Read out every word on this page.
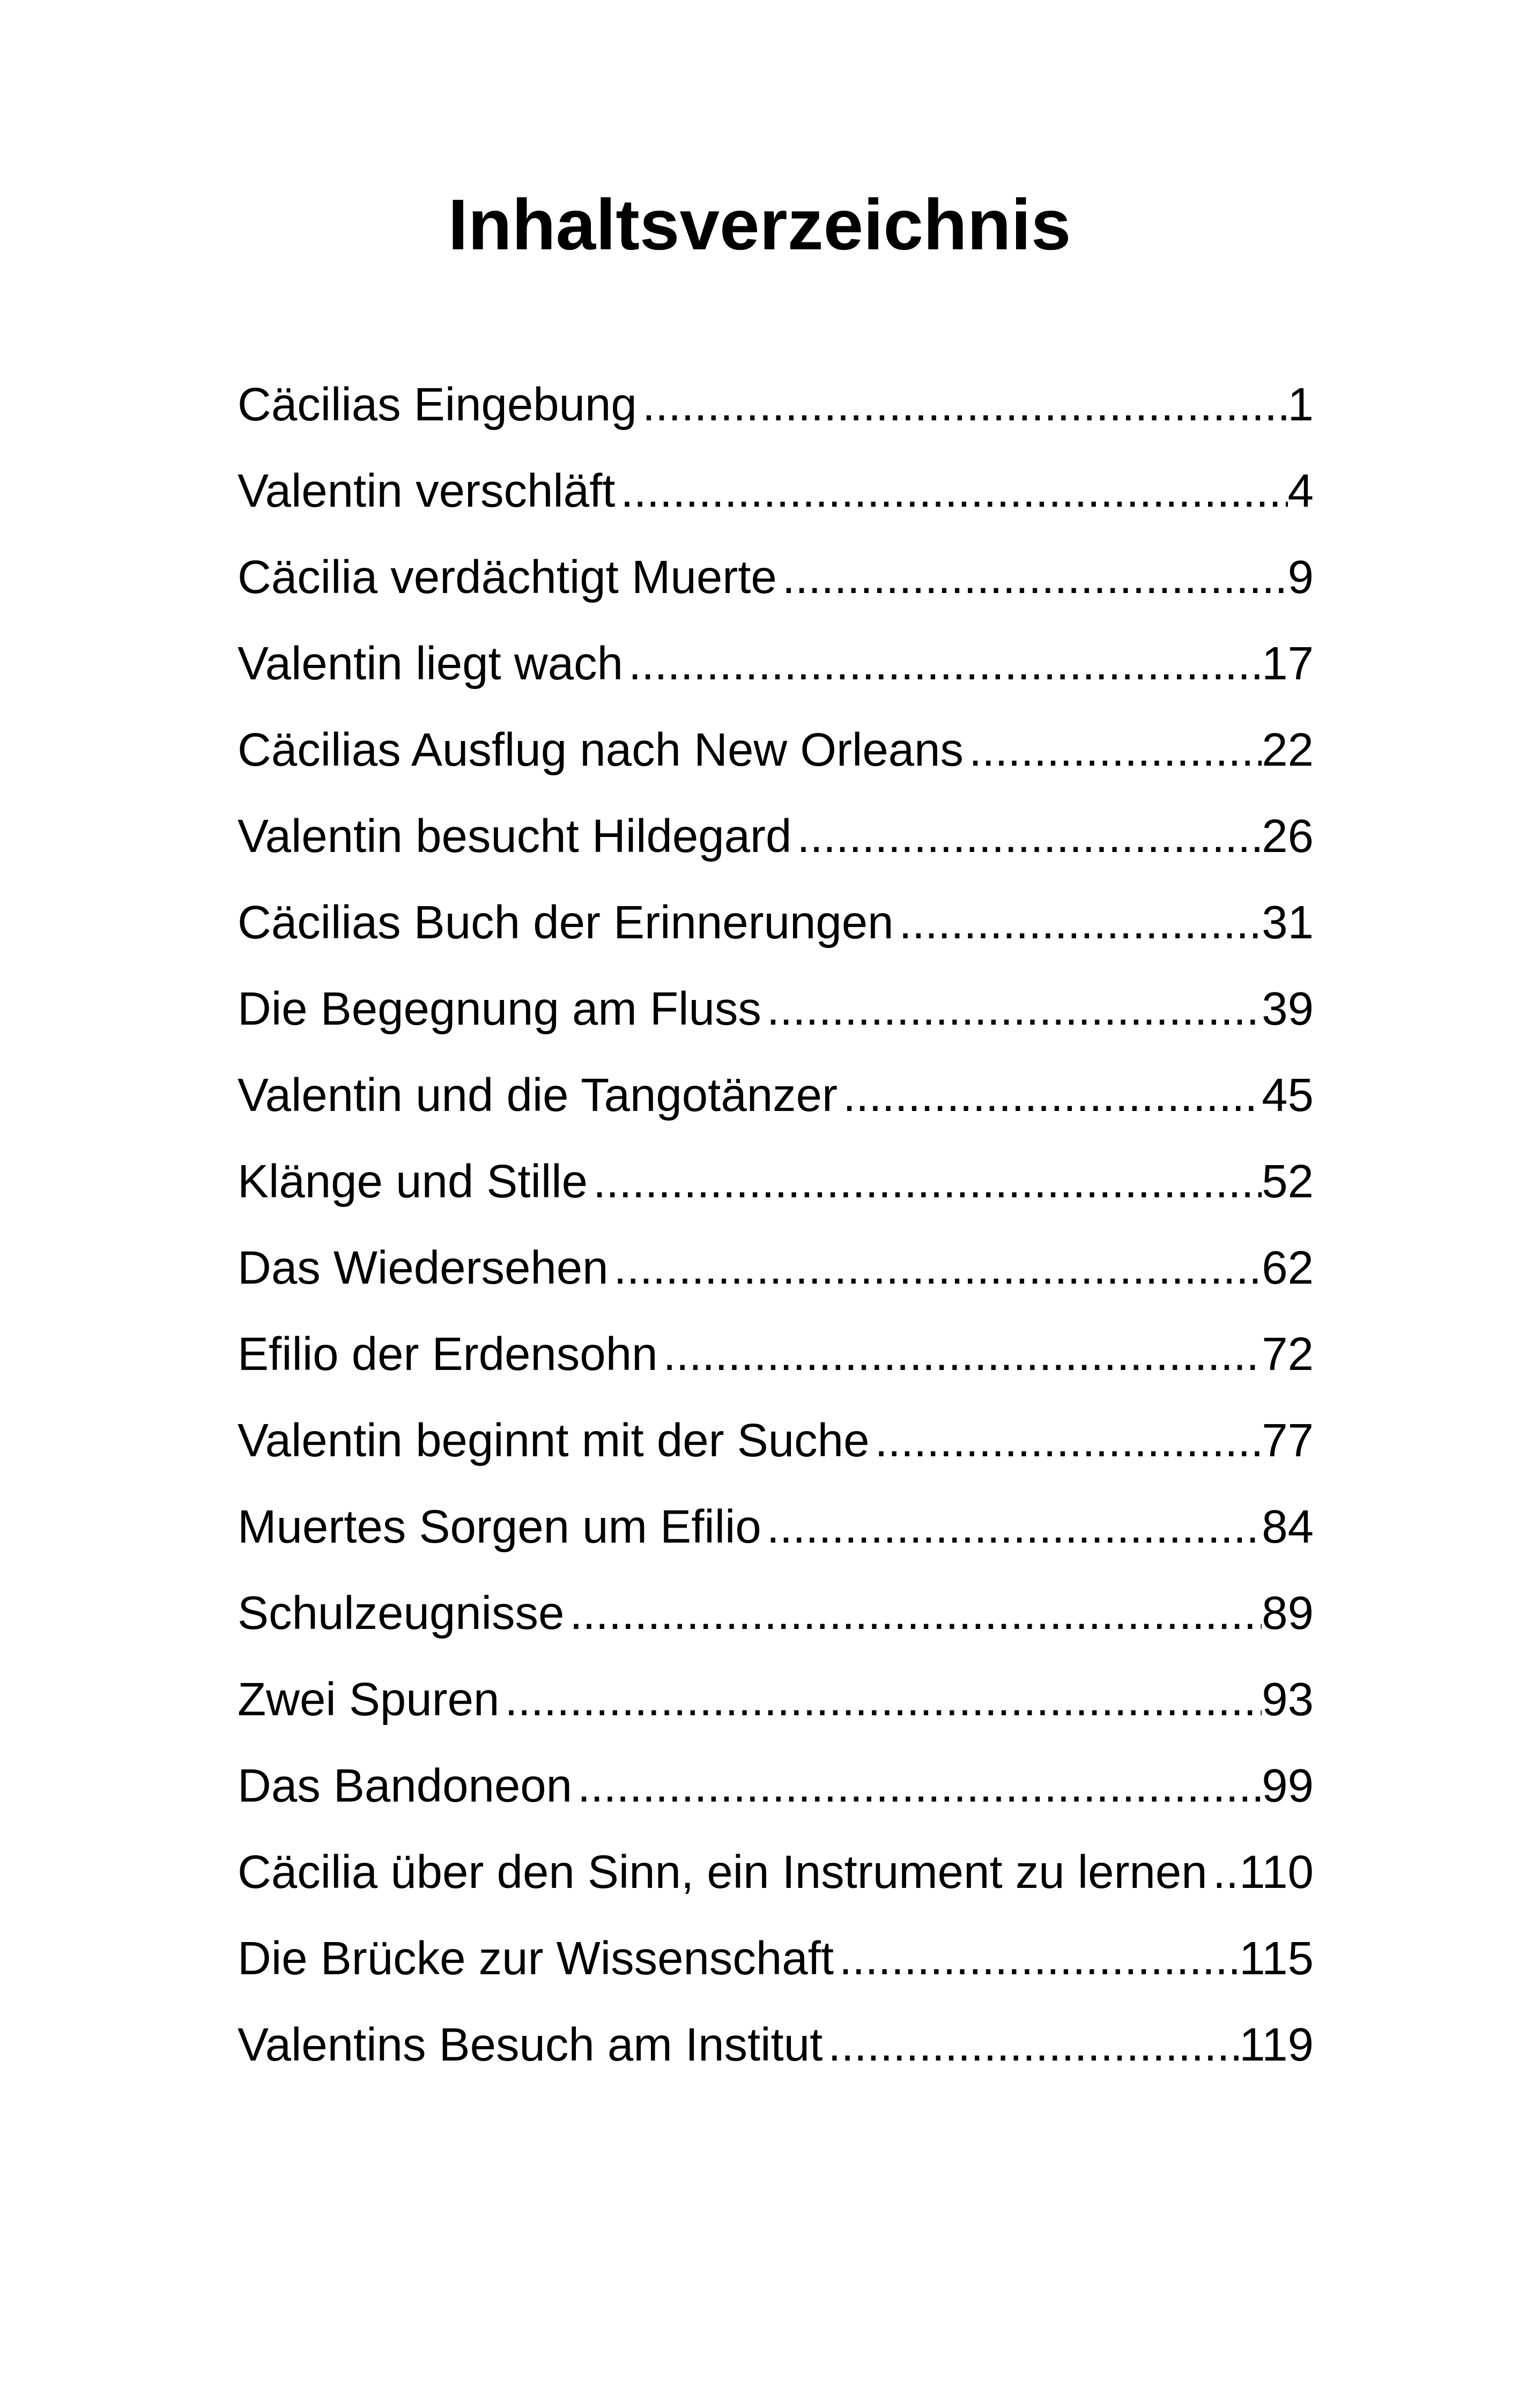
Inhaltsverzeichnis
Cäcilias Eingebung .....	1
Valentin verschläft .....	4
Cäcilia verdächtigt Muerte .....	9
Valentin liegt wach .....	17
Cäcilias Ausflug nach New Orleans .....	22
Valentin besucht Hildegard .....	26
Cäcilias Buch der Erinnerungen .....	31
Die Begegnung am Fluss .....	39
Valentin und die Tangotänzer .....	45
Klänge und Stille .....	52
Das Wiedersehen .....	62
Efilio der Erdensohn .....	72
Valentin beginnt mit der Suche .....	77
Muertes Sorgen um Efilio .....	84
Schulzeugnisse .....	89
Zwei Spuren .....	93
Das Bandoneon .....	99
Cäcilia über den Sinn, ein Instrument zu lernen ..... 110
Die Brücke zur Wissenschaft .....	115
Valentins Besuch am Institut .....	119
